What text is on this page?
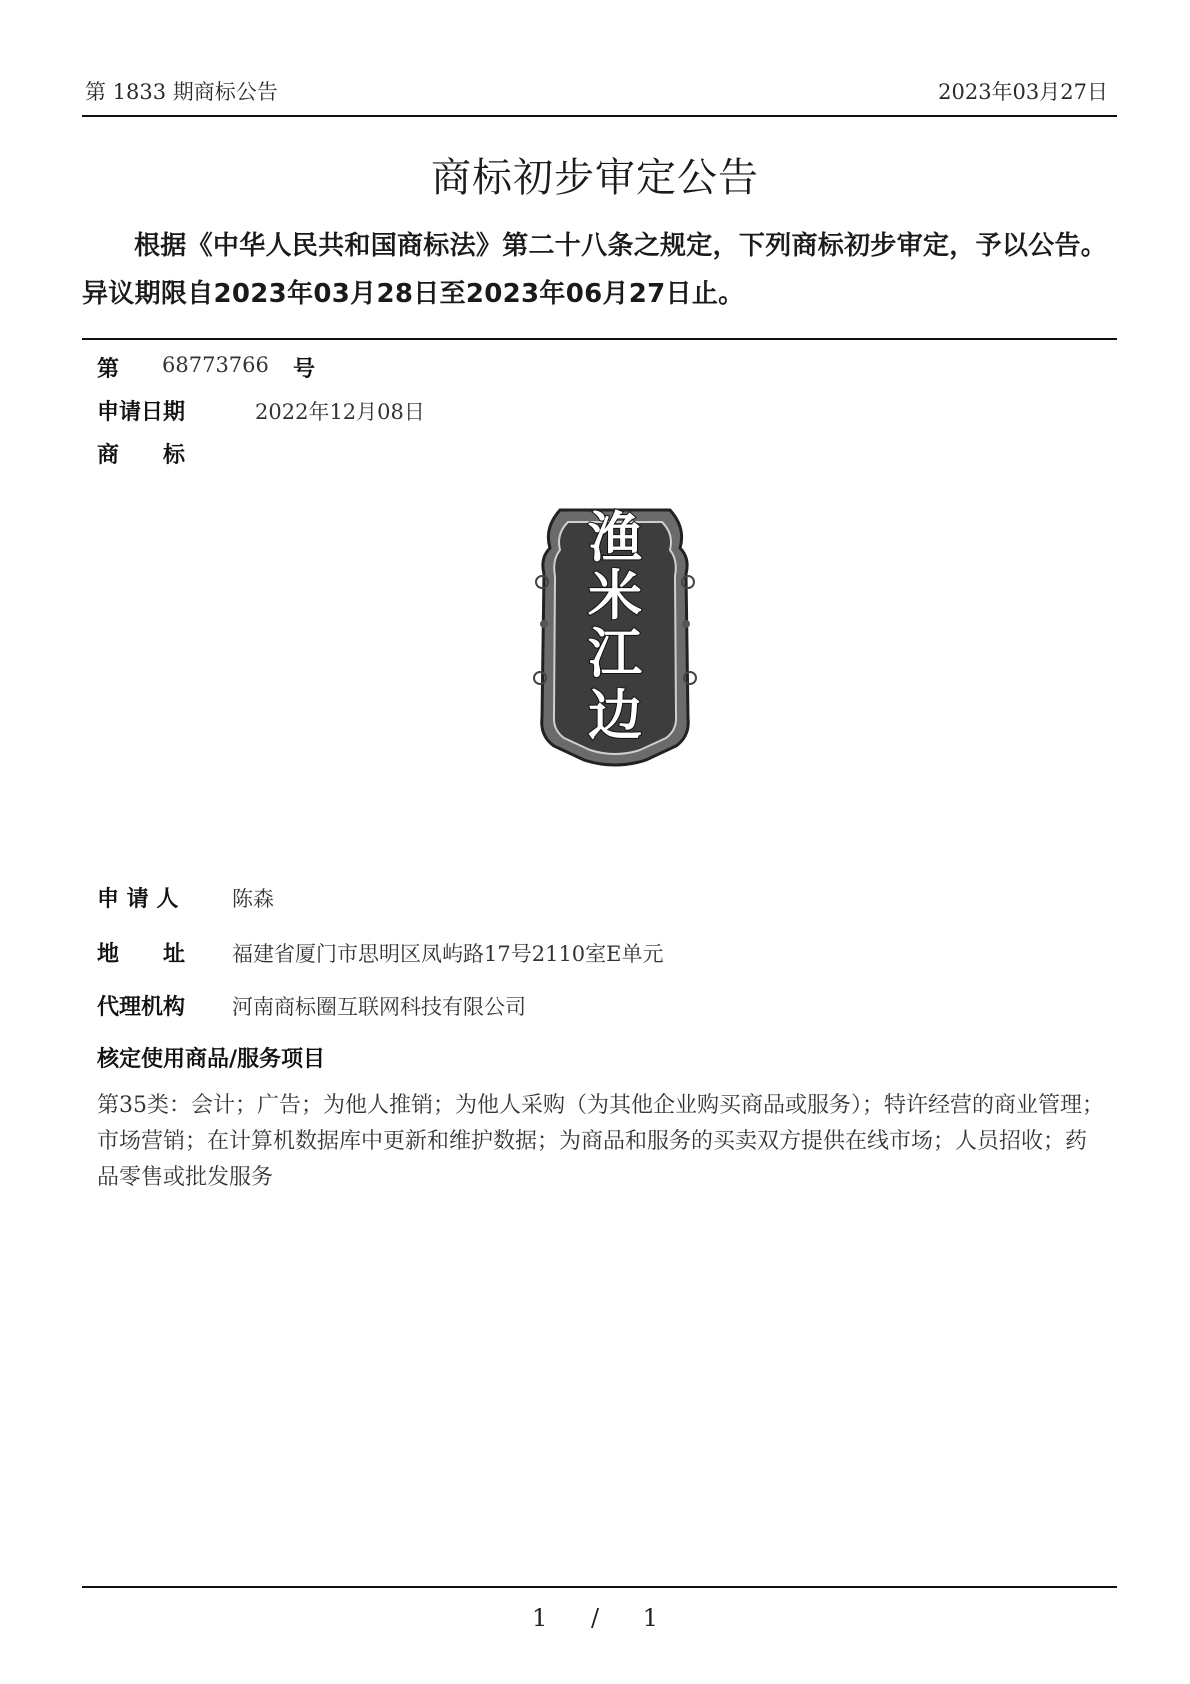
第 1833 期商标公告	2023年03月27日
商标初步审定公告
根据《中华人民共和国商标法》第二十八条之规定，下列商标初步审定，予以公告。异议期限自2023年03月28日至2023年06月27日止。
第 68773766 号
申请日期	2022年12月08日
商　　标
渔
米
江
边
申 请 人	陈森
地　　址 福建省厦门市思明区凤屿路17号2110室E单元
代理机构 河南商标圈互联网科技有限公司
核定使用商品/服务项目
第35类：会计；广告；为他人推销；为他人采购（为其他企业购买商品或服务）；特许经营的商业管理；市场营销；在计算机数据库中更新和维护数据；为商品和服务的买卖双方提供在线市场；人员招收；药品零售或批发服务
1 / 1
